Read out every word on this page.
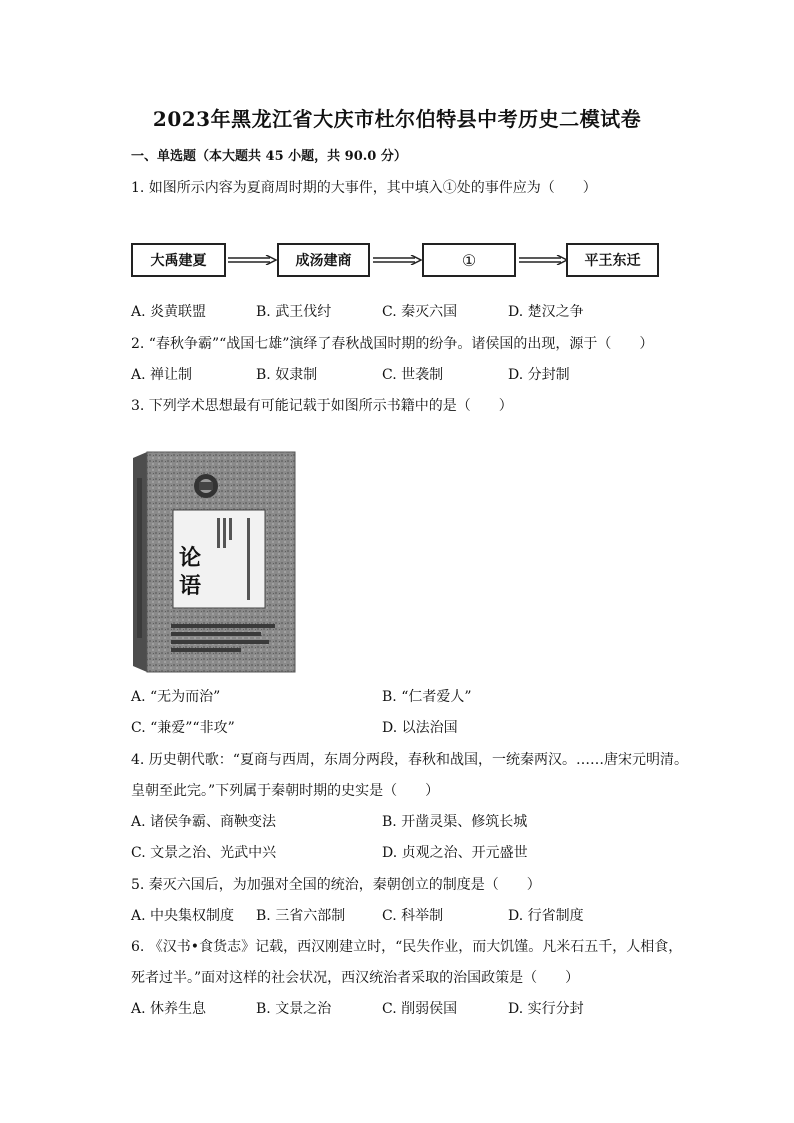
2023年黑龙江省大庆市杜尔伯特县中考历史二模试卷
一、单选题（本大题共 45 小题，共 90.0 分）
1. 如图所示内容为夏商周时期的大事件，其中填入①处的事件应为（　　）
大禹建夏	成汤建商	①	平王东迁
A. 炎黄联盟	B. 武王伐纣	C. 秦灭六国	D. 楚汉之争
2. “春秋争霸”“战国七雄”演绎了春秋战国时期的纷争。诸侯国的出现，源于（　　）
A. 禅让制	B. 奴隶制	C. 世袭制	D. 分封制
3. 下列学术思想最有可能记载于如图所示书籍中的是（　　）
论语
A. “无为而治”	B. “仁者爱人”
C. “兼爱”“非攻”	D. 以法治国
4. 历史朝代歌：“夏商与西周，东周分两段，春秋和战国，一统秦两汉。……唐宋元明清。
皇朝至此完。”下列属于秦朝时期的史实是（　　）
A. 诸侯争霸、商鞅变法	B. 开凿灵渠、修筑长城
C. 文景之治、光武中兴	D. 贞观之治、开元盛世
5. 秦灭六国后，为加强对全国的统治，秦朝创立的制度是（　　）
A. 中央集权制度 B. 三省六部制	C. 科举制	D. 行省制度
6. 《汉书•食货志》记载，西汉刚建立时，“民失作业，而大饥馑。凡米石五千，人相食，
死者过半。”面对这样的社会状况，西汉统治者采取的治国政策是（　　）
A. 休养生息	B. 文景之治	C. 削弱侯国	D. 实行分封
